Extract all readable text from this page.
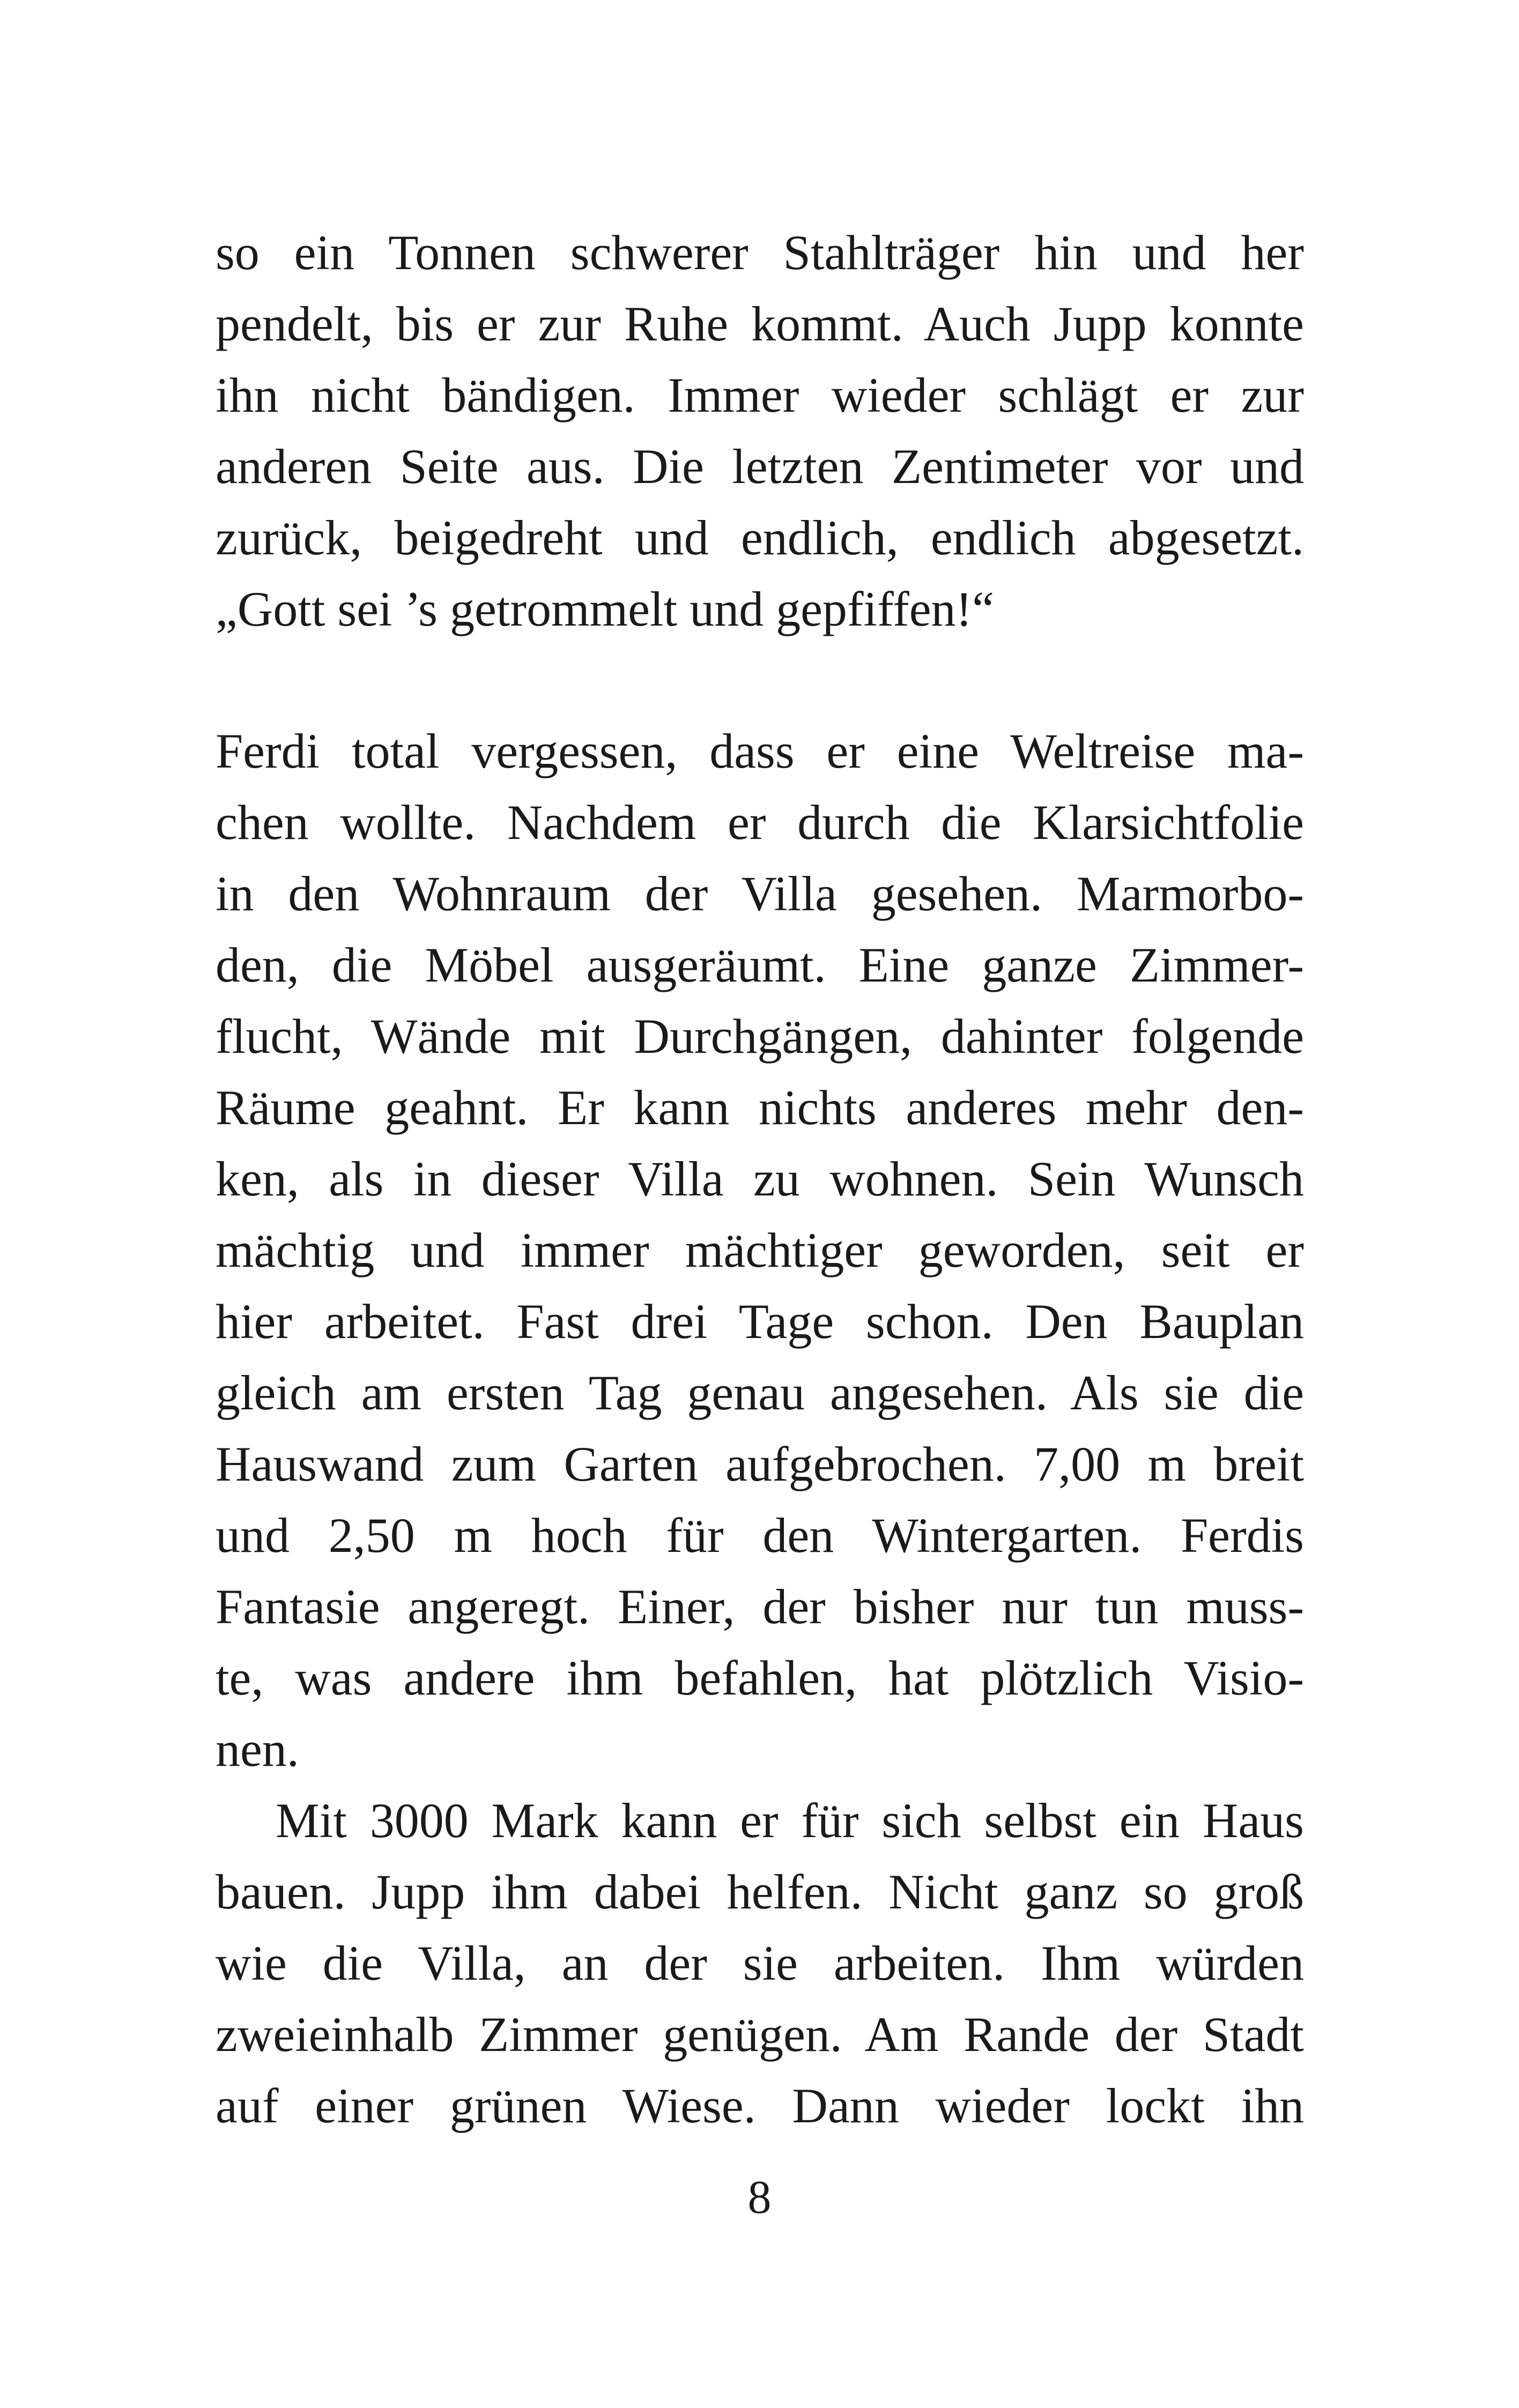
so ein Tonnen schwerer Stahlträger hin und her
pendelt, bis er zur Ruhe kommt. Auch Jupp konnte
ihn nicht bändigen. Immer wieder schlägt er zur
anderen Seite aus. Die letzten Zentimeter vor und
zurück, beigedreht und endlich, endlich abgesetzt.
„Gott sei ’s getrommelt und gepfiffen!“
Ferdi total vergessen, dass er eine Weltreise ma-
chen wollte. Nachdem er durch die Klarsichtfolie
in den Wohnraum der Villa gesehen. Marmorbo-
den, die Möbel ausgeräumt. Eine ganze Zimmer-
flucht, Wände mit Durchgängen, dahinter folgende
Räume geahnt. Er kann nichts anderes mehr den-
ken, als in dieser Villa zu wohnen. Sein Wunsch
mächtig und immer mächtiger geworden, seit er
hier arbeitet. Fast drei Tage schon. Den Bauplan
gleich am ersten Tag genau angesehen. Als sie die
Hauswand zum Garten aufgebrochen. 7,00 m breit
und 2,50 m hoch für den Wintergarten. Ferdis
Fantasie angeregt. Einer, der bisher nur tun muss-
te, was andere ihm befahlen, hat plötzlich Visio-
nen.
Mit 3000 Mark kann er für sich selbst ein Haus
bauen. Jupp ihm dabei helfen. Nicht ganz so groß
wie die Villa, an der sie arbeiten. Ihm würden
zweieinhalb Zimmer genügen. Am Rande der Stadt
auf einer grünen Wiese. Dann wieder lockt ihn
8
